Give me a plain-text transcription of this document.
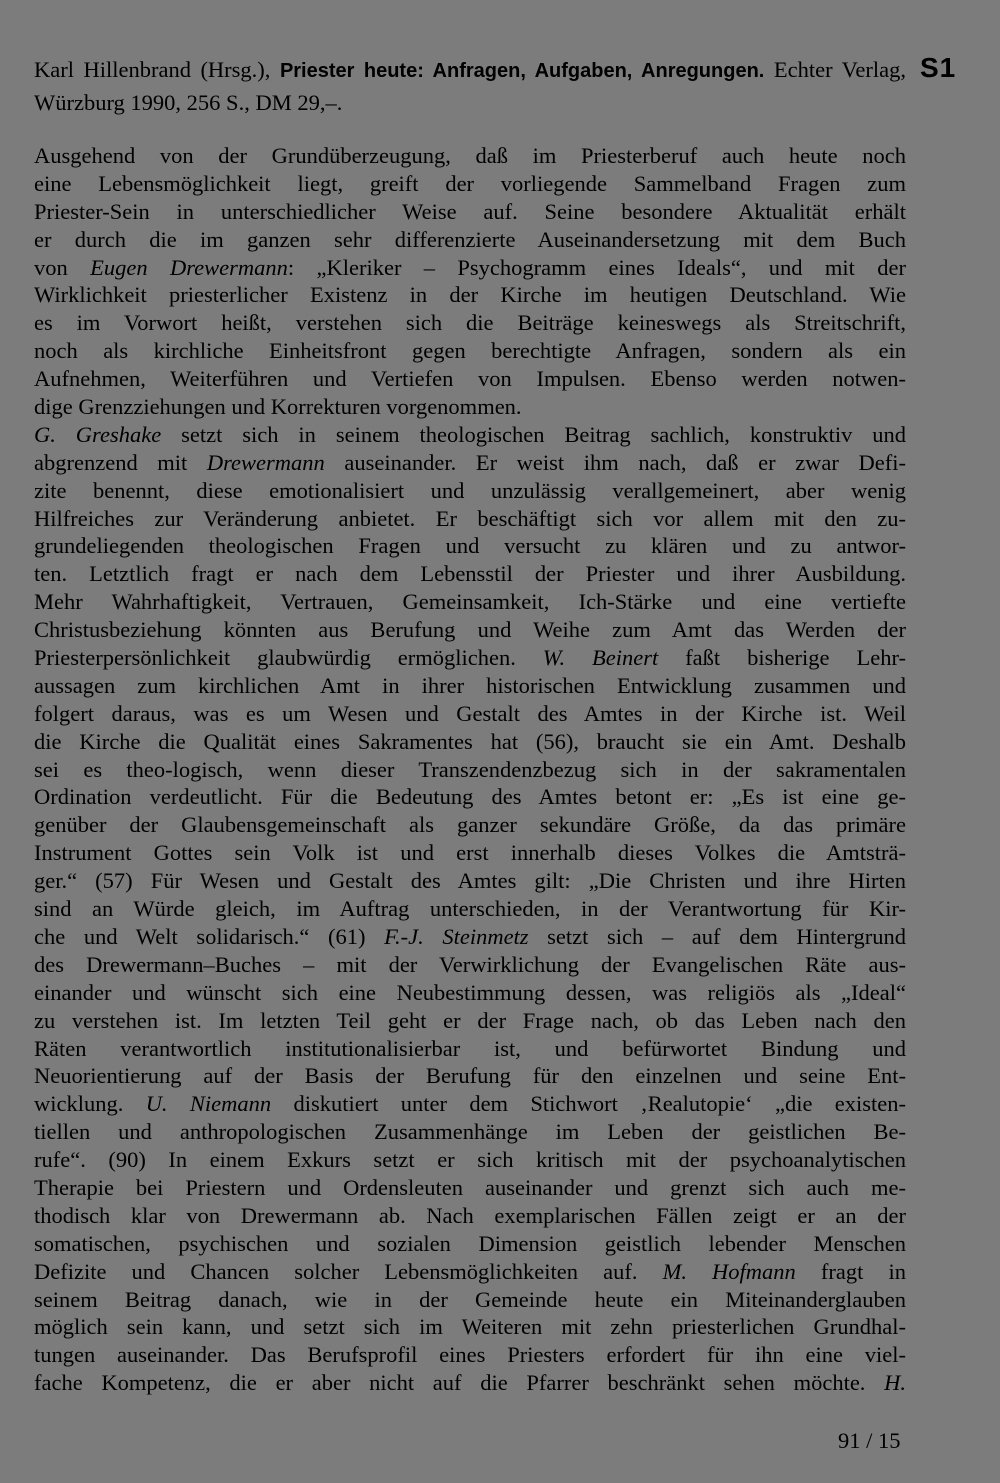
Karl Hillenbrand (Hrsg.), Priester heute: Anfragen, Aufgaben, Anregungen. Echter Verlag, Würzburg 1990, 256 S., DM 29,–.
S1
Ausgehend von der Grundüberzeugung, daß im Priesterberuf auch heute noch
eine Lebensmöglichkeit liegt, greift der vorliegende Sammelband Fragen zum
Priester-Sein in unterschiedlicher Weise auf. Seine besondere Aktualität erhält
er durch die im ganzen sehr differenzierte Auseinandersetzung mit dem Buch
von Eugen Drewermann: „Kleriker – Psychogramm eines Ideals“, und mit der
Wirklichkeit priesterlicher Existenz in der Kirche im heutigen Deutschland. Wie
es im Vorwort heißt, verstehen sich die Beiträge keineswegs als Streitschrift,
noch als kirchliche Einheitsfront gegen berechtigte Anfragen, sondern als ein
Aufnehmen, Weiterführen und Vertiefen von Impulsen. Ebenso werden notwen-
dige Grenzziehungen und Korrekturen vorgenommen.
G. Greshake setzt sich in seinem theologischen Beitrag sachlich, konstruktiv und
abgrenzend mit Drewermann auseinander. Er weist ihm nach, daß er zwar Defi-
zite benennt, diese emotionalisiert und unzulässig verallgemeinert, aber wenig
Hilfreiches zur Veränderung anbietet. Er beschäftigt sich vor allem mit den zu-
grundeliegenden theologischen Fragen und versucht zu klären und zu antwor-
ten. Letztlich fragt er nach dem Lebensstil der Priester und ihrer Ausbildung.
Mehr Wahrhaftigkeit, Vertrauen, Gemeinsamkeit, Ich-Stärke und eine vertiefte
Christusbeziehung könnten aus Berufung und Weihe zum Amt das Werden der
Priesterpersönlichkeit glaubwürdig ermöglichen. W. Beinert faßt bisherige Lehr-
aussagen zum kirchlichen Amt in ihrer historischen Entwicklung zusammen und
folgert daraus, was es um Wesen und Gestalt des Amtes in der Kirche ist. Weil
die Kirche die Qualität eines Sakramentes hat (56), braucht sie ein Amt. Deshalb
sei es theo-logisch, wenn dieser Transzendenzbezug sich in der sakramentalen
Ordination verdeutlicht. Für die Bedeutung des Amtes betont er: „Es ist eine ge-
genüber der Glaubensgemeinschaft als ganzer sekundäre Größe, da das primäre
Instrument Gottes sein Volk ist und erst innerhalb dieses Volkes die Amtsträ-
ger.“ (57) Für Wesen und Gestalt des Amtes gilt: „Die Christen und ihre Hirten
sind an Würde gleich, im Auftrag unterschieden, in der Verantwortung für Kir-
che und Welt solidarisch.“ (61) F.-J. Steinmetz setzt sich – auf dem Hintergrund
des Drewermann–Buches – mit der Verwirklichung der Evangelischen Räte aus-
einander und wünscht sich eine Neubestimmung dessen, was religiös als „Ideal“
zu verstehen ist. Im letzten Teil geht er der Frage nach, ob das Leben nach den
Räten verantwortlich institutionalisierbar ist, und befürwortet Bindung und
Neuorientierung auf der Basis der Berufung für den einzelnen und seine Ent-
wicklung. U. Niemann diskutiert unter dem Stichwort ‚Realutopie‘ „die existen-
tiellen und anthropologischen Zusammenhänge im Leben der geistlichen Be-
rufe“. (90) In einem Exkurs setzt er sich kritisch mit der psychoanalytischen
Therapie bei Priestern und Ordensleuten auseinander und grenzt sich auch me-
thodisch klar von Drewermann ab. Nach exemplarischen Fällen zeigt er an der
somatischen, psychischen und sozialen Dimension geistlich lebender Menschen
Defizite und Chancen solcher Lebensmöglichkeiten auf. M. Hofmann fragt in
seinem Beitrag danach, wie in der Gemeinde heute ein Miteinanderglauben
möglich sein kann, und setzt sich im Weiteren mit zehn priesterlichen Grundhal-
tungen auseinander. Das Berufsprofil eines Priesters erfordert für ihn eine viel-
fache Kompetenz, die er aber nicht auf die Pfarrer beschränkt sehen möchte. H.
91 / 15
